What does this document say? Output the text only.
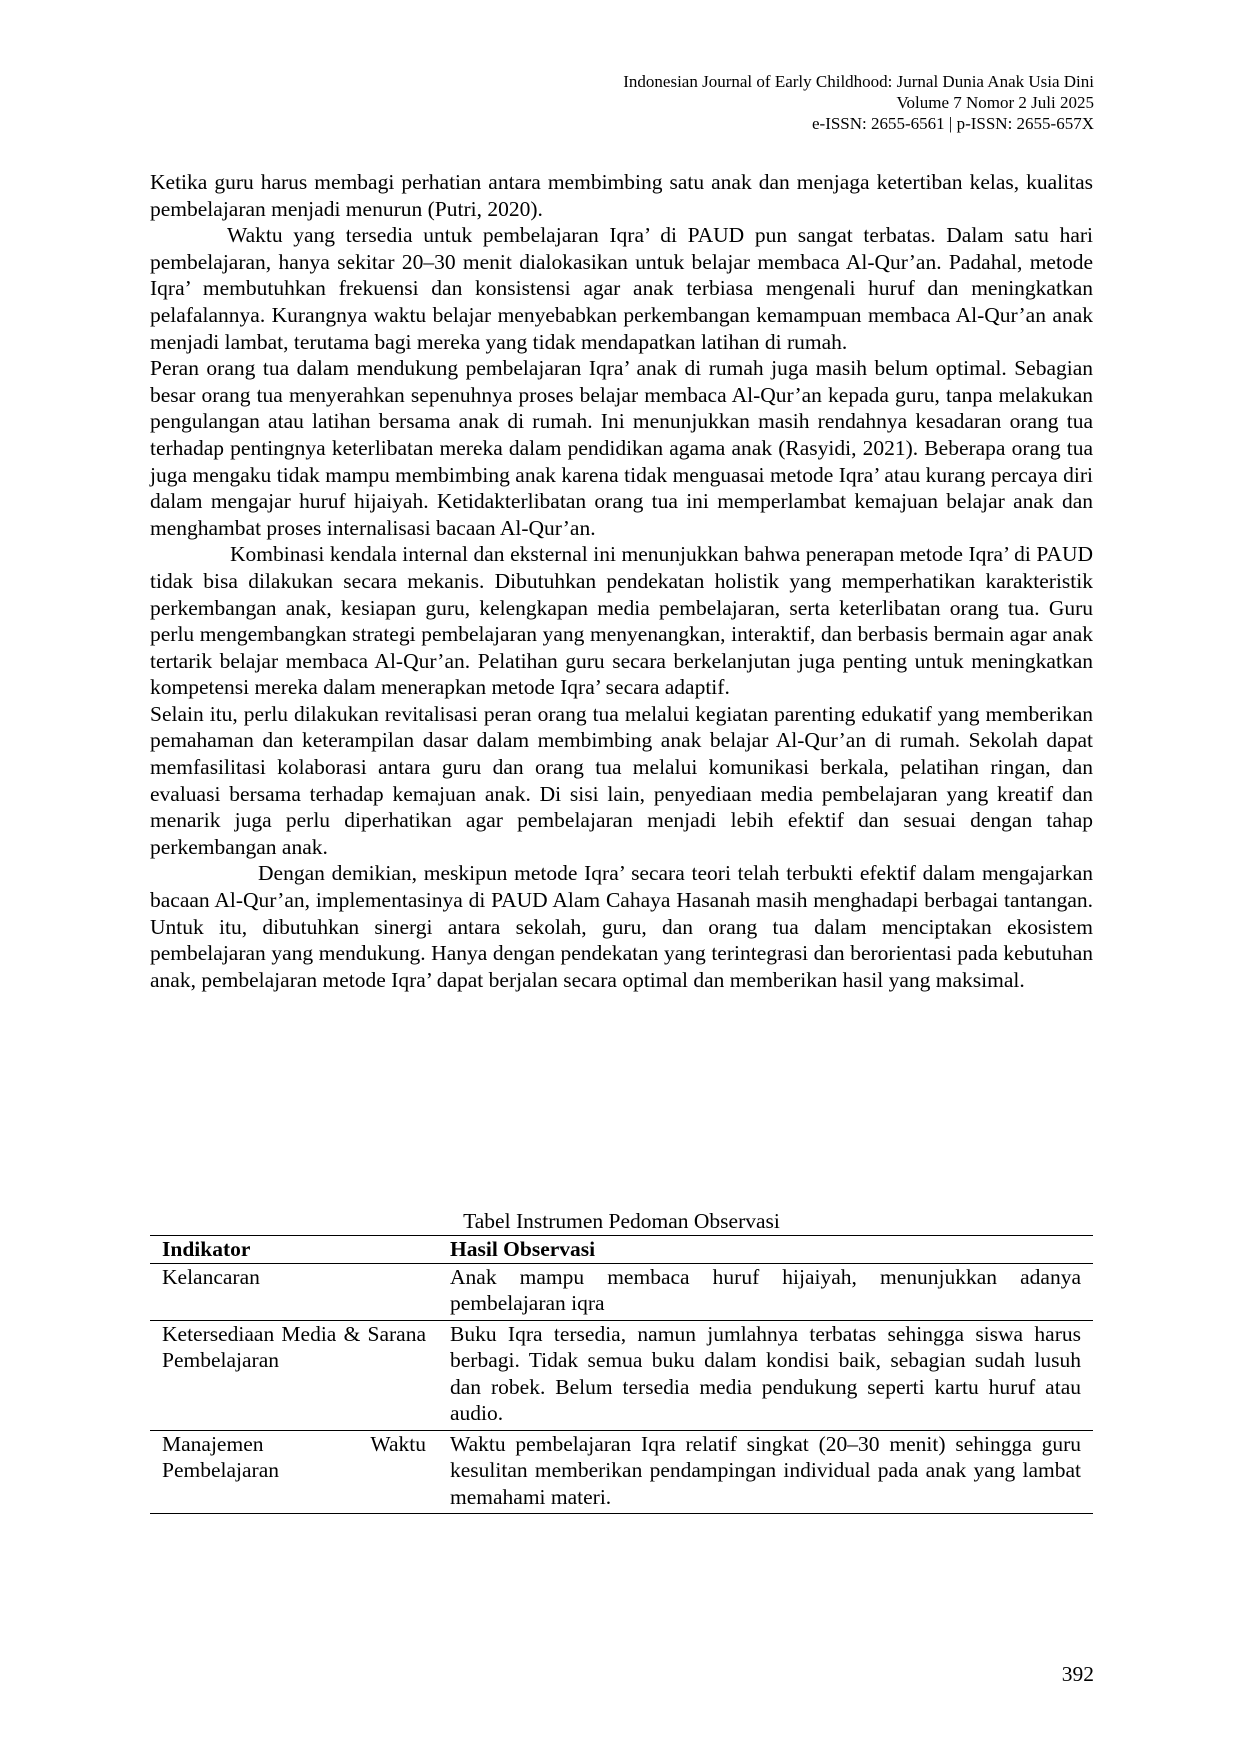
Indonesian Journal of Early Childhood: Jurnal Dunia Anak Usia Dini
Volume 7 Nomor 2 Juli 2025
e-ISSN: 2655-6561 | p-ISSN: 2655-657X

Ketika guru harus membagi perhatian antara membimbing satu anak dan menjaga ketertiban kelas, kualitas pembelajaran menjadi menurun (Putri, 2020).

Waktu yang tersedia untuk pembelajaran Iqra’ di PAUD pun sangat terbatas. Dalam satu hari pembelajaran, hanya sekitar 20–30 menit dialokasikan untuk belajar membaca Al-Qur’an. Padahal, metode Iqra’ membutuhkan frekuensi dan konsistensi agar anak terbiasa mengenali huruf dan meningkatkan pelafalannya. Kurangnya waktu belajar menyebabkan perkembangan kemampuan membaca Al-Qur’an anak menjadi lambat, terutama bagi mereka yang tidak mendapatkan latihan di rumah.

Peran orang tua dalam mendukung pembelajaran Iqra’ anak di rumah juga masih belum optimal. Sebagian besar orang tua menyerahkan sepenuhnya proses belajar membaca Al-Qur’an kepada guru, tanpa melakukan pengulangan atau latihan bersama anak di rumah. Ini menunjukkan masih rendahnya kesadaran orang tua terhadap pentingnya keterlibatan mereka dalam pendidikan agama anak (Rasyidi, 2021). Beberapa orang tua juga mengaku tidak mampu membimbing anak karena tidak menguasai metode Iqra’ atau kurang percaya diri dalam mengajar huruf hijaiyah. Ketidakterlibatan orang tua ini memperlambat kemajuan belajar anak dan menghambat proses internalisasi bacaan Al-Qur’an.

Kombinasi kendala internal dan eksternal ini menunjukkan bahwa penerapan metode Iqra’ di PAUD tidak bisa dilakukan secara mekanis. Dibutuhkan pendekatan holistik yang memperhatikan karakteristik perkembangan anak, kesiapan guru, kelengkapan media pembelajaran, serta keterlibatan orang tua. Guru perlu mengembangkan strategi pembelajaran yang menyenangkan, interaktif, dan berbasis bermain agar anak tertarik belajar membaca Al-Qur’an. Pelatihan guru secara berkelanjutan juga penting untuk meningkatkan kompetensi mereka dalam menerapkan metode Iqra’ secara adaptif.

Selain itu, perlu dilakukan revitalisasi peran orang tua melalui kegiatan parenting edukatif yang memberikan pemahaman dan keterampilan dasar dalam membimbing anak belajar Al-Qur’an di rumah. Sekolah dapat memfasilitasi kolaborasi antara guru dan orang tua melalui komunikasi berkala, pelatihan ringan, dan evaluasi bersama terhadap kemajuan anak. Di sisi lain, penyediaan media pembelajaran yang kreatif dan menarik juga perlu diperhatikan agar pembelajaran menjadi lebih efektif dan sesuai dengan tahap perkembangan anak.

Dengan demikian, meskipun metode Iqra’ secara teori telah terbukti efektif dalam mengajarkan bacaan Al-Qur’an, implementasinya di PAUD Alam Cahaya Hasanah masih menghadapi berbagai tantangan. Untuk itu, dibutuhkan sinergi antara sekolah, guru, dan orang tua dalam menciptakan ekosistem pembelajaran yang mendukung. Hanya dengan pendekatan yang terintegrasi dan berorientasi pada kebutuhan anak, pembelajaran metode Iqra’ dapat berjalan secara optimal dan memberikan hasil yang maksimal.

Tabel Instrumen Pedoman Observasi
Indikator	Hasil Observasi
Kelancaran	Anak mampu membaca huruf hijaiyah, menunjukkan adanya pembelajaran iqra
Ketersediaan Media & Sarana Pembelajaran	Buku Iqra tersedia, namun jumlahnya terbatas sehingga siswa harus berbagi. Tidak semua buku dalam kondisi baik, sebagian sudah lusuh dan robek. Belum tersedia media pendukung seperti kartu huruf atau audio.
Manajemen Waktu Pembelajaran	Waktu pembelajaran Iqra relatif singkat (20–30 menit) sehingga guru kesulitan memberikan pendampingan individual pada anak yang lambat memahami materi.
392
